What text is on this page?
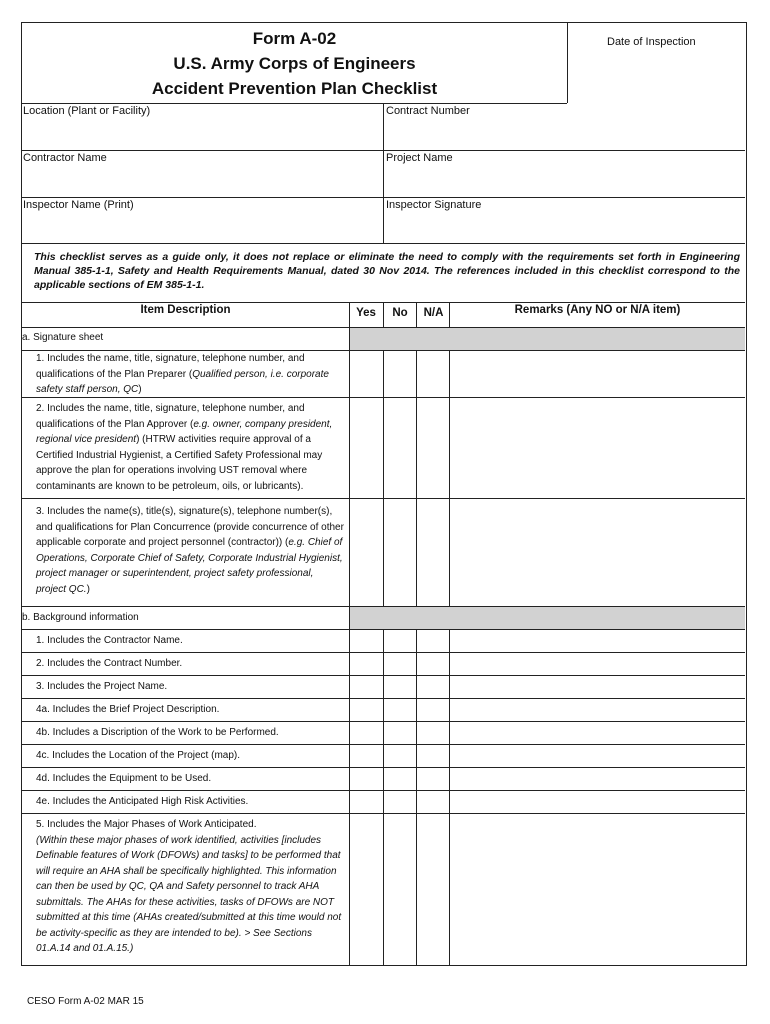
Form A-02
U.S. Army Corps of Engineers
Accident Prevention Plan Checklist
Date of Inspection
Location (Plant or Facility)	Contract Number
Contractor Name	Project Name
Inspector Name (Print)	Inspector Signature
This checklist serves as a guide only, it does not replace or eliminate the need to comply with the requirements set forth in Engineering Manual 385-1-1, Safety and Health Requirements Manual, dated 30 Nov 2014. The references included in this checklist correspond to the applicable sections of EM 385-1-1.
Item Description	Yes	No	N/A	Remarks (Any NO or N/A item)
a. Signature sheet
1. Includes the name, title, signature, telephone number, and qualifications of the Plan Preparer (Qualified person, i.e. corporate safety staff person, QC)
2. Includes the name, title, signature, telephone number, and qualifications of the Plan Approver (e.g. owner, company president, regional vice president) (HTRW activities require approval of a Certified Industrial Hygienist, a Certified Safety Professional may approve the plan for operations involving UST removal where contaminants are known to be petroleum, oils, or lubricants).
3. Includes the name(s), title(s), signature(s), telephone number(s), and qualifications for Plan Concurrence (provide concurrence of other applicable corporate and project personnel (contractor)) (e.g. Chief of Operations, Corporate Chief of Safety, Corporate Industrial Hygienist, project manager or superintendent, project safety professional, project QC.)
b. Background information
1. Includes the Contractor Name.
2. Includes the Contract Number.
3. Includes the Project Name.
4a. Includes the Brief Project Description.
4b. Includes a Discription of the Work to be Performed.
4c. Includes the Location of the Project (map).
4d. Includes the Equipment to be Used.
4e. Includes the Anticipated High Risk Activities.
5. Includes the Major Phases of Work Anticipated.
(Within these major phases of work identified, activities [includes Definable features of Work (DFOWs) and tasks] to be performed that will require an AHA shall be specifically highlighted. This information can then be used by QC, QA and Safety personnel to track AHA submittals. The AHAs for these activities, tasks of DFOWs are NOT submitted at this time (AHAs created/submitted at this time would not be activity-specific as they are intended to be). > See Sections 01.A.14 and 01.A.15.)
CESO Form A-02 MAR 15
